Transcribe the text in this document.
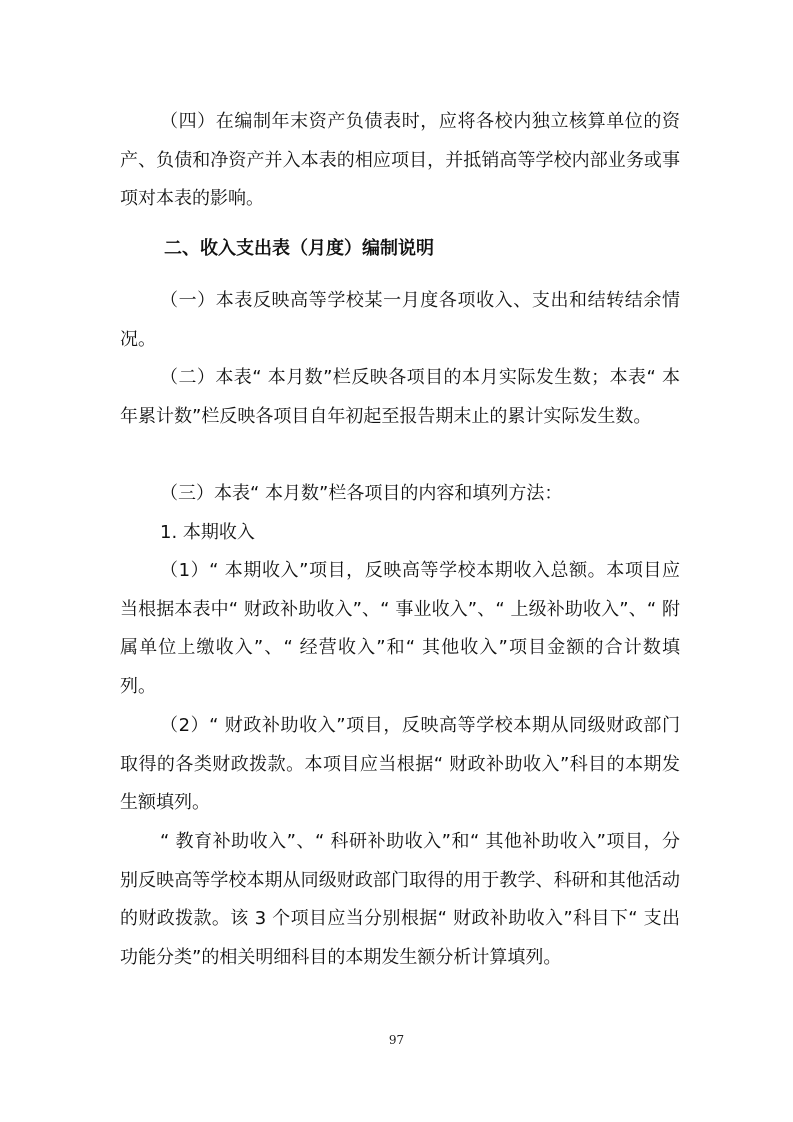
（四）在编制年末资产负债表时，应将各校内独立核算单位的资产、负债和净资产并入本表的相应项目，并抵销高等学校内部业务或事项对本表的影响。

二、收入支出表（月度）编制说明

（一）本表反映高等学校某一月度各项收入、支出和结转结余情况。

（二）本表“ 本月数”栏反映各项目的本月实际发生数；本表“ 本年累计数”栏反映各项目自年初起至报告期末止的累计实际发生数。

（三）本表“ 本月数”栏各项目的内容和填列方法：

1. 本期收入

（1）“ 本期收入”项目，反映高等学校本期收入总额。本项目应当根据本表中“ 财政补助收入”、“ 事业收入”、“ 上级补助收入”、“ 附属单位上缴收入”、“ 经营收入”和“ 其他收入”项目金额的合计数填列。

（2）“ 财政补助收入”项目，反映高等学校本期从同级财政部门取得的各类财政拨款。本项目应当根据“ 财政补助收入”科目的本期发生额填列。

“ 教育补助收入”、“ 科研补助收入”和“ 其他补助收入”项目，分别反映高等学校本期从同级财政部门取得的用于教学、科研和其他活动的财政拨款。该 3 个项目应当分别根据“ 财政补助收入”科目下“ 支出功能分类”的相关明细科目的本期发生额分析计算填列。

97
